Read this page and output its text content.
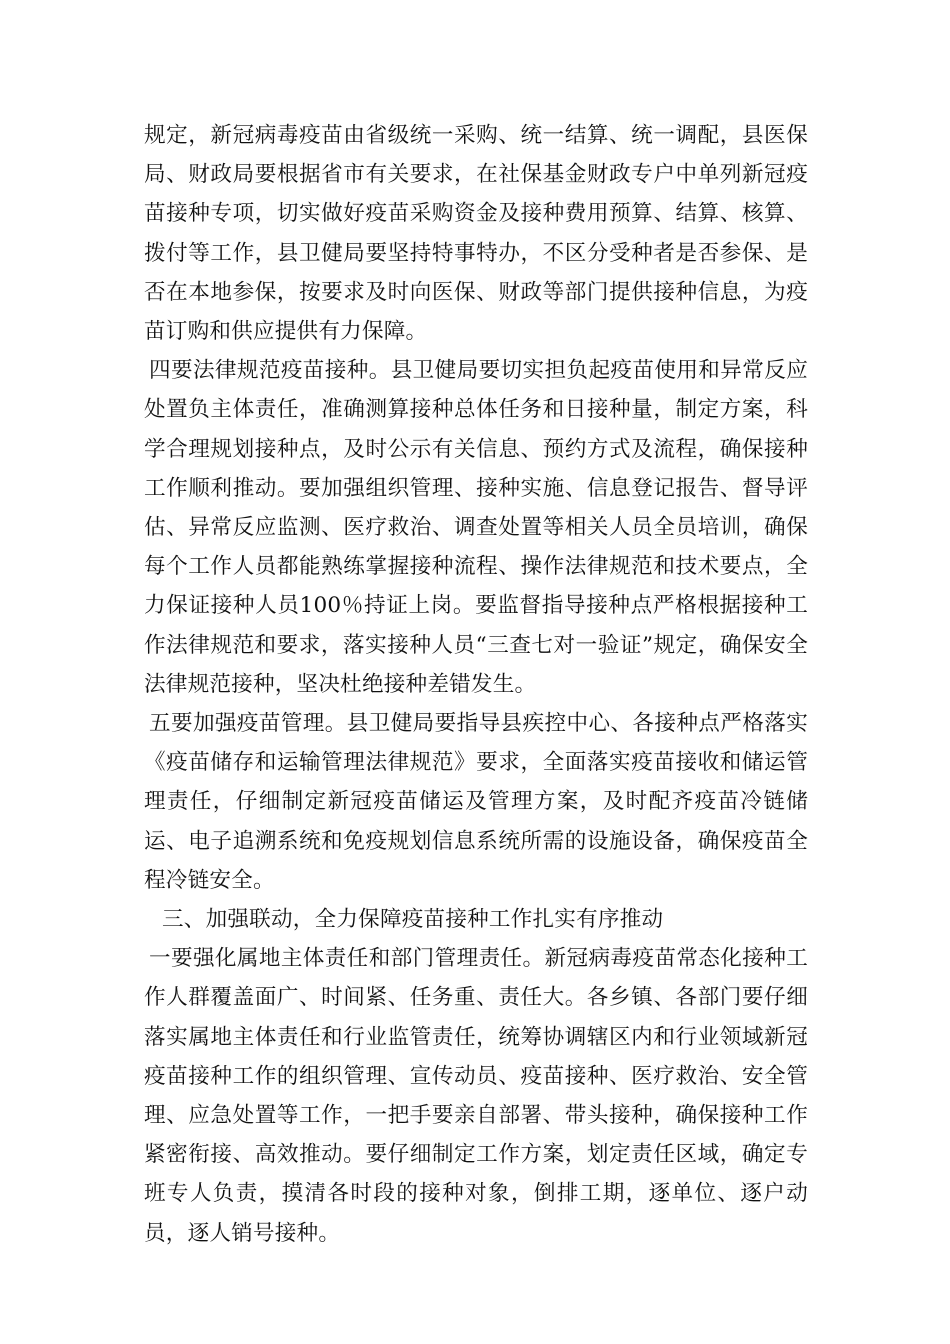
规定，新冠病毒疫苗由省级统一采购、统一结算、统一调配，县医保局、财政局要根据省市有关要求，在社保基金财政专户中单列新冠疫苗接种专项，切实做好疫苗采购资金及接种费用预算、结算、核算、拨付等工作，县卫健局要坚持特事特办，不区分受种者是否参保、是否在本地参保，按要求及时向医保、财政等部门提供接种信息，为疫苗订购和供应提供有力保障。

四要法律规范疫苗接种。县卫健局要切实担负起疫苗使用和异常反应处置负主体责任，准确测算接种总体任务和日接种量，制定方案，科学合理规划接种点，及时公示有关信息、预约方式及流程，确保接种工作顺利推动。要加强组织管理、接种实施、信息登记报告、督导评估、异常反应监测、医疗救治、调查处置等相关人员全员培训，确保每个工作人员都能熟练掌握接种流程、操作法律规范和技术要点，全力保证接种人员100％持证上岗。要监督指导接种点严格根据接种工作法律规范和要求，落实接种人员“三查七对一验证”规定，确保安全法律规范接种，坚决杜绝接种差错发生。

五要加强疫苗管理。县卫健局要指导县疾控中心、各接种点严格落实《疫苗储存和运输管理法律规范》要求，全面落实疫苗接收和储运管理责任，仔细制定新冠疫苗储运及管理方案，及时配齐疫苗冷链储运、电子追溯系统和免疫规划信息系统所需的设施设备，确保疫苗全程冷链安全。

三、加强联动，全力保障疫苗接种工作扎实有序推动

一要强化属地主体责任和部门管理责任。新冠病毒疫苗常态化接种工作人群覆盖面广、时间紧、任务重、责任大。各乡镇、各部门要仔细落实属地主体责任和行业监管责任，统筹协调辖区内和行业领域新冠疫苗接种工作的组织管理、宣传动员、疫苗接种、医疗救治、安全管理、应急处置等工作，一把手要亲自部署、带头接种，确保接种工作紧密衔接、高效推动。要仔细制定工作方案，划定责任区域，确定专班专人负责，摸清各时段的接种对象，倒排工期，逐单位、逐户动员，逐人销号接种。
